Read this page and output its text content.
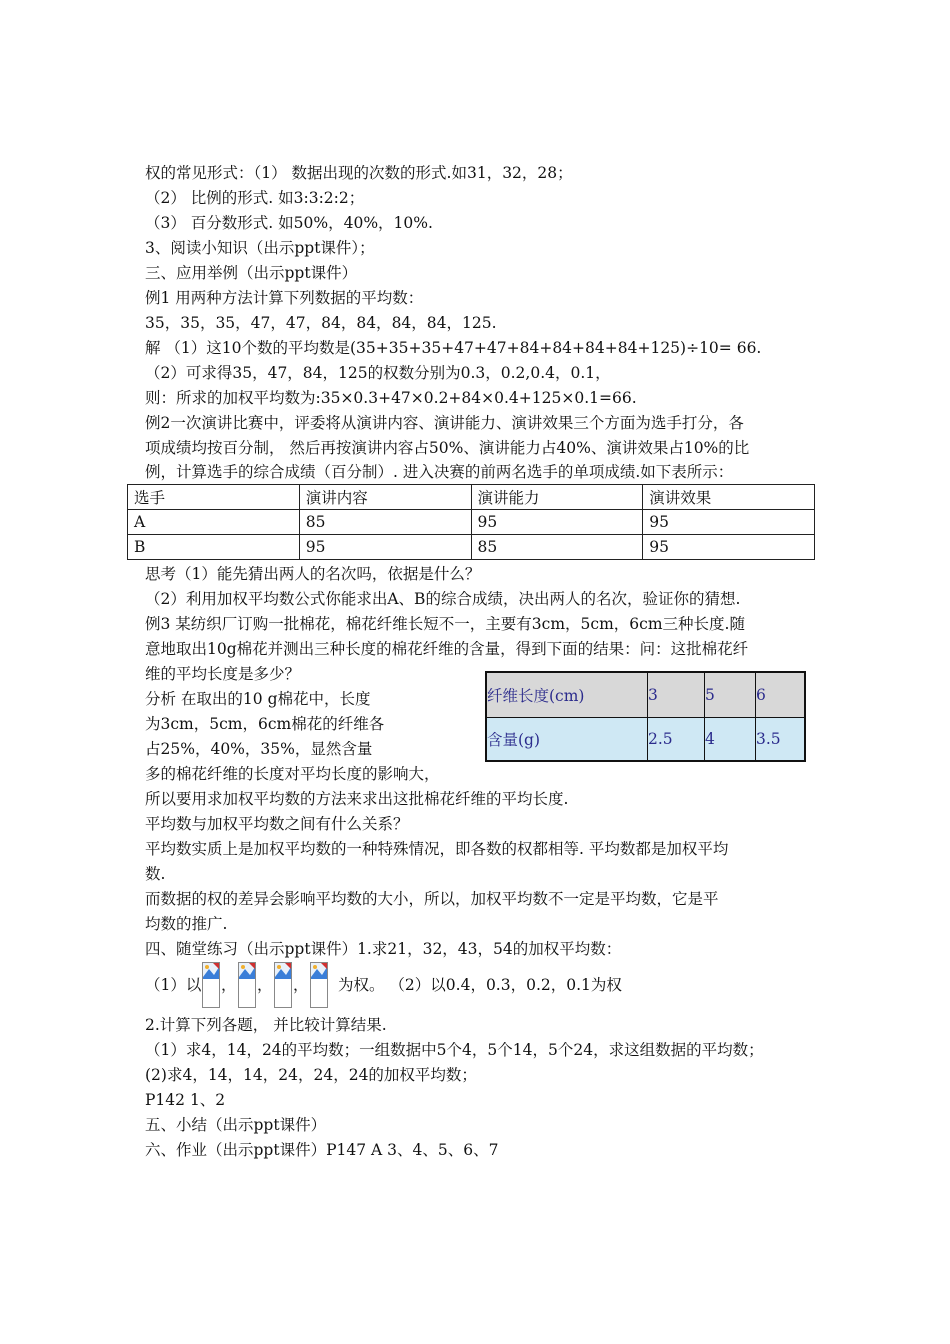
权的常见形式：（1） 数据出现的次数的形式.如31，32，28；
（2） 比例的形式. 如3:3:2:2；
（3） 百分数形式. 如50%，40%，10%.
3、阅读小知识（出示ppt课件）；
三、应用举例（出示ppt课件）
例1 用两种方法计算下列数据的平均数：
35，35，35，47，47，84，84，84，84，125.
解 （1）这10个数的平均数是(35+35+35+47+47+84+84+84+84+125)÷10= 66.
（2）可求得35，47，84，125的权数分别为0.3，0.2,0.4，0.1，
则：所求的加权平均数为:35×0.3+47×0.2+84×0.4+125×0.1=66.
例2一次演讲比赛中，评委将从演讲内容、演讲能力、演讲效果三个方面为选手打分，各
项成绩均按百分制， 然后再按演讲内容占50%、演讲能力占40%、演讲效果占10%的比
例，计算选手的综合成绩（百分制）. 进入决赛的前两名选手的单项成绩.如下表所示：
选手	演讲内容	演讲能力	演讲效果
A	85	95	95
B	95	85	95
思考（1）能先猜出两人的名次吗，依据是什么？
（2）利用加权平均数公式你能求出A、B的综合成绩，决出两人的名次，验证你的猜想.
例3 某纺织厂订购一批棉花，棉花纤维长短不一，主要有3cm，5cm，6cm三种长度.随
意地取出10g棉花并测出三种长度的棉花纤维的含量，得到下面的结果：问：这批棉花纤
维的平均长度是多少？
分析 在取出的10 g棉花中，长度
为3cm，5cm，6cm棉花的纤维各
占25%，40%，35%，显然含量
多的棉花纤维的长度对平均长度的影响大，
纤维长度(cm)	3	5	6
含量(g)	2.5	4	3.5
所以要用求加权平均数的方法来求出这批棉花纤维的平均长度.
平均数与加权平均数之间有什么关系？
平均数实质上是加权平均数的一种特殊情况，即各数的权都相等. 平均数都是加权平均
数.
而数据的权的差异会影响平均数的大小，所以，加权平均数不一定是平均数，它是平
均数的推广.
四、随堂练习（出示ppt课件）1.求21，32，43，54的加权平均数：
（1）以 ， ， ， 为权。 （2）以0.4，0.3，0.2，0.1为权
2.计算下列各题， 并比较计算结果.
（1）求4，14，24的平均数；一组数据中5个4，5个14，5个24，求这组数据的平均数；
(2)求4，14，14，24，24，24的加权平均数；
P142 1、2
五、小结（出示ppt课件）
六、作业（出示ppt课件）P147 A 3、4、5、6、7
